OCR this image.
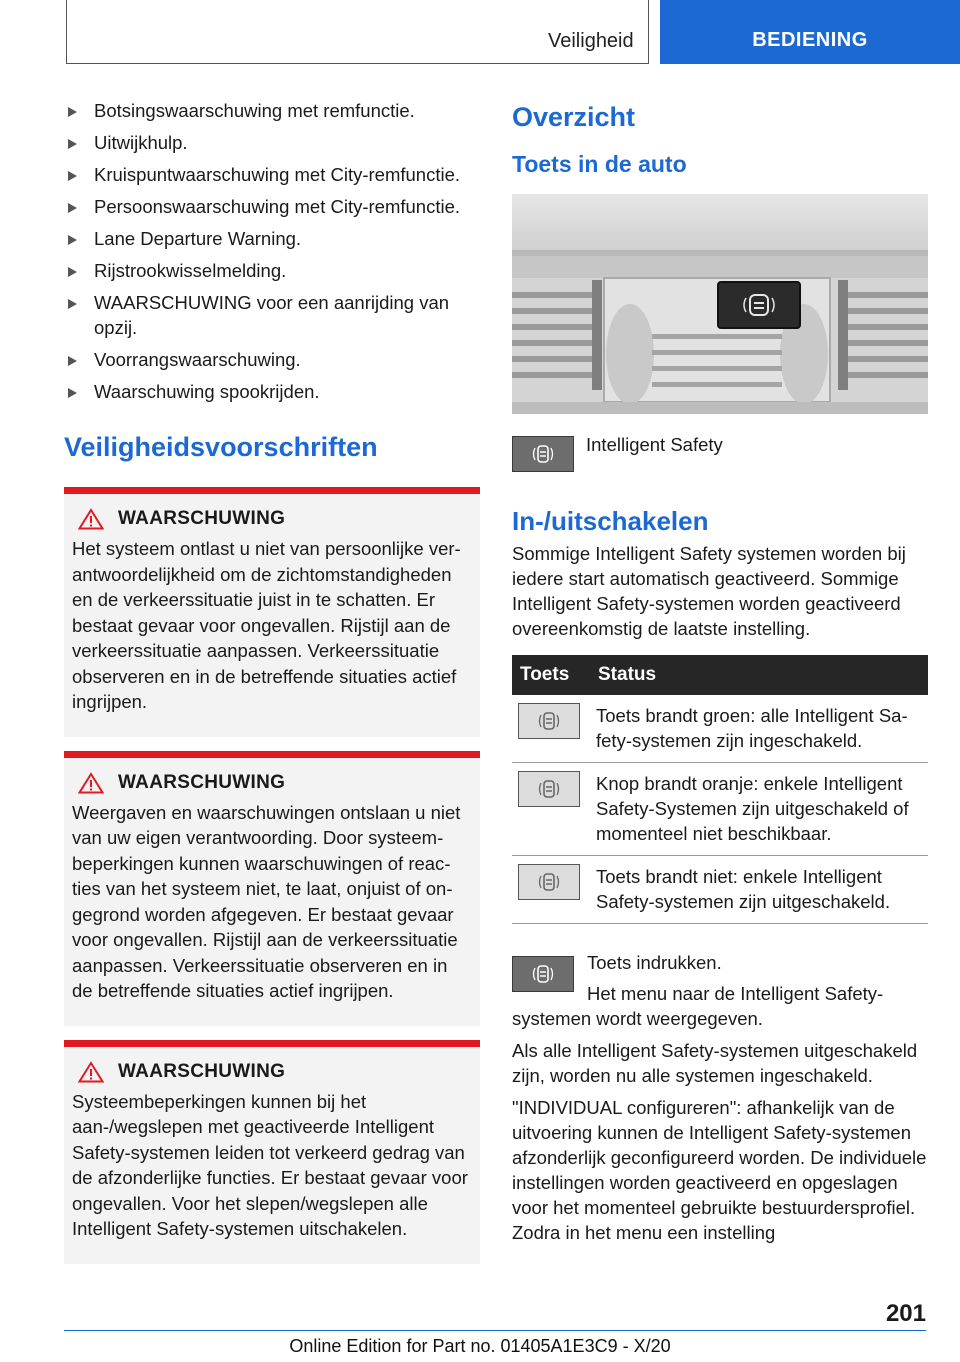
Veiligheid	BEDIENING
Botsingswaarschuwing met remfunctie.
Uitwijkhulp.
Kruispuntwaarschuwing met City-remfunctie.
Persoonswaarschuwing met City-remfunctie.
Lane Departure Warning.
Rijstrookwisselmelding.
WAARSCHUWING voor een aanrijding van opzij.
Voorrangswaarschuwing.
Waarschuwing spookrijden.
Veiligheidsvoorschriften
WAARSCHUWING
Het systeem ontlast u niet van persoonlijke verantwoordelijkheid om de zichtomstandigheden en de verkeerssituatie juist in te schatten. Er bestaat gevaar voor ongevallen. Rijstijl aan de verkeerssituatie aanpassen. Verkeerssituatie observeren en in de betreffende situaties actief ingrijpen.
WAARSCHUWING
Weergaven en waarschuwingen ontslaan u niet van uw eigen verantwoording. Door systeembeperkingen kunnen waarschuwingen of reacties van het systeem niet, te laat, onjuist of ongegrond worden afgegeven. Er bestaat gevaar voor ongevallen. Rijstijl aan de verkeerssituatie aanpassen. Verkeerssituatie observeren en in de betreffende situaties actief ingrijpen.
WAARSCHUWING
Systeembeperkingen kunnen bij het aan-/wegslepen met geactiveerde Intelligent Safety-systemen leiden tot verkeerd gedrag van de afzonderlijke functies. Er bestaat gevaar voor ongevallen. Voor het slepen/wegslepen alle Intelligent Safety-systemen uitschakelen.
Overzicht
Toets in de auto
Intelligent Safety
In-/uitschakelen
Sommige Intelligent Safety systemen worden bij iedere start automatisch geactiveerd. Sommige Intelligent Safety-systemen worden geactiveerd overeenkomstig de laatste instelling.
Toets	Status

	Toets brandt groen: alle Intelligent Safety-systemen zijn ingeschakeld.

	Knop brandt oranje: enkele Intelligent Safety-Systemen zijn uitgeschakeld of momenteel niet beschikbaar.

	Toets brandt niet: enkele Intelligent Safety-systemen zijn uitgeschakeld.
Toets indrukken.
Het menu naar de Intelligent Safety-systemen wordt weergegeven.
Als alle Intelligent Safety-systemen uitgeschakeld zijn, worden nu alle systemen ingeschakeld.
"INDIVIDUAL configureren": afhankelijk van de uitvoering kunnen de Intelligent Safety-systemen afzonderlijk geconfigureerd worden. De individuele instellingen worden geactiveerd en opgeslagen voor het momenteel gebruikte bestuurdersprofiel. Zodra in het menu een instelling
201
Online Edition for Part no. 01405A1E3C9 - X/20
